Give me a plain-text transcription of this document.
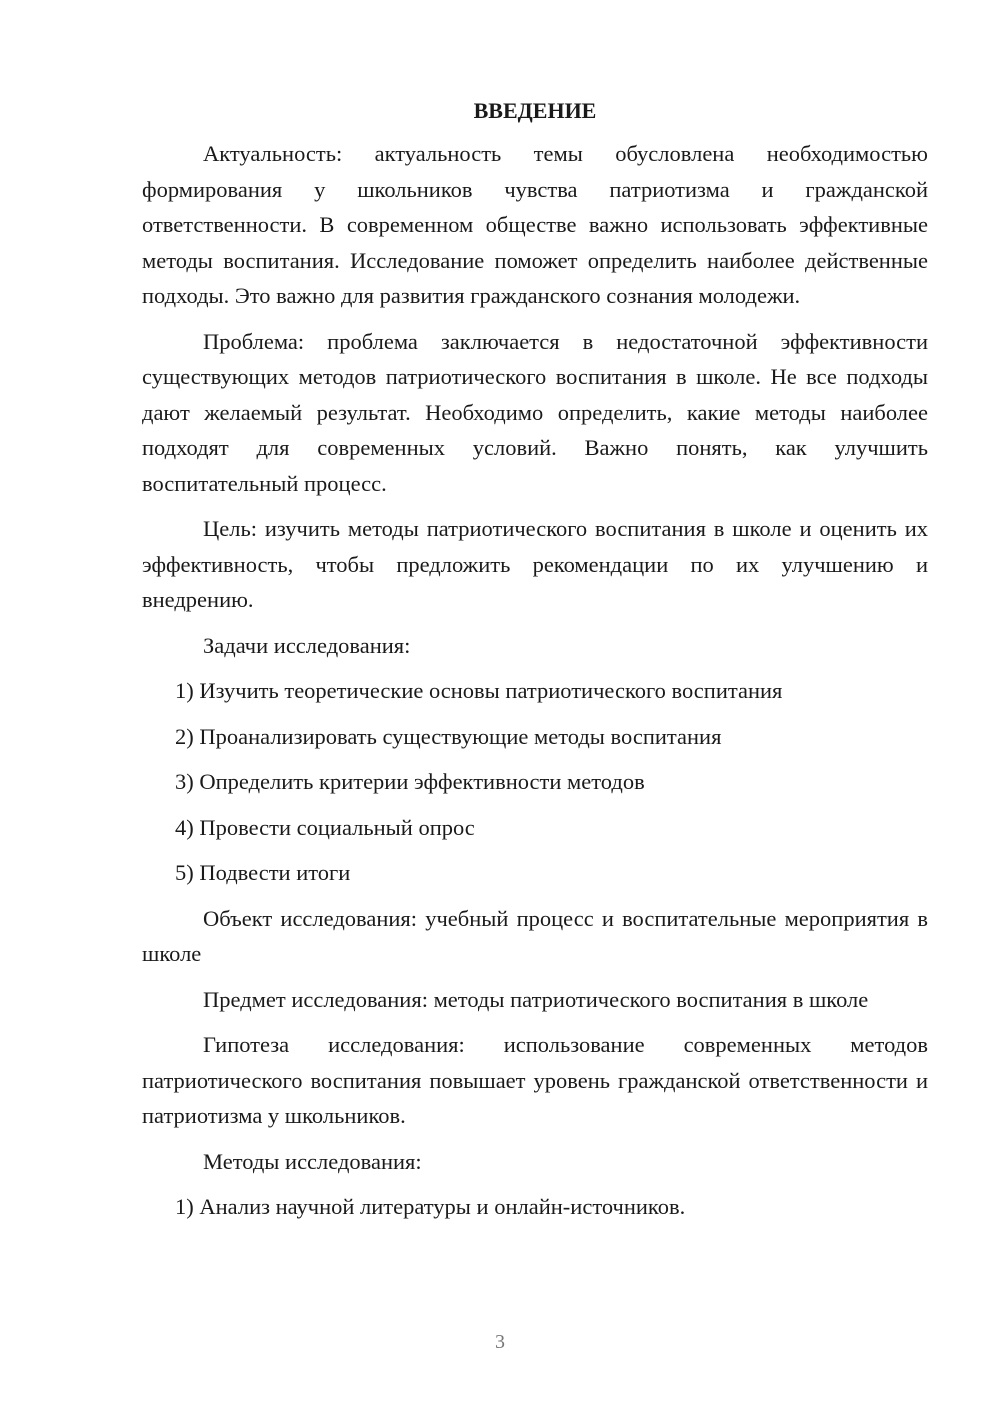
ВВЕДЕНИЕ

Актуальность: актуальность темы обусловлена необходимостью формирования у школьников чувства патриотизма и гражданской ответственности. В современном обществе важно использовать эффективные методы воспитания. Исследование поможет определить наиболее действенные подходы. Это важно для развития гражданского сознания молодежи.

Проблема: проблема заключается в недостаточной эффективности существующих методов патриотического воспитания в школе. Не все подходы дают желаемый результат. Необходимо определить, какие методы наиболее подходят для современных условий. Важно понять, как улучшить воспитательный процесс.

Цель: изучить методы патриотического воспитания в школе и оценить их эффективность, чтобы предложить рекомендации по их улучшению и внедрению.

Задачи исследования:

1) Изучить теоретические основы патриотического воспитания
2) Проанализировать существующие методы воспитания
3) Определить критерии эффективности методов
4) Провести социальный опрос
5) Подвести итоги

Объект исследования: учебный процесс и воспитательные мероприятия в школе

Предмет исследования: методы патриотического воспитания в школе

Гипотеза исследования: использование современных методов патриотического воспитания повышает уровень гражданской ответственности и патриотизма у школьников.

Методы исследования:

1) Анализ научной литературы и онлайн-источников.
3
